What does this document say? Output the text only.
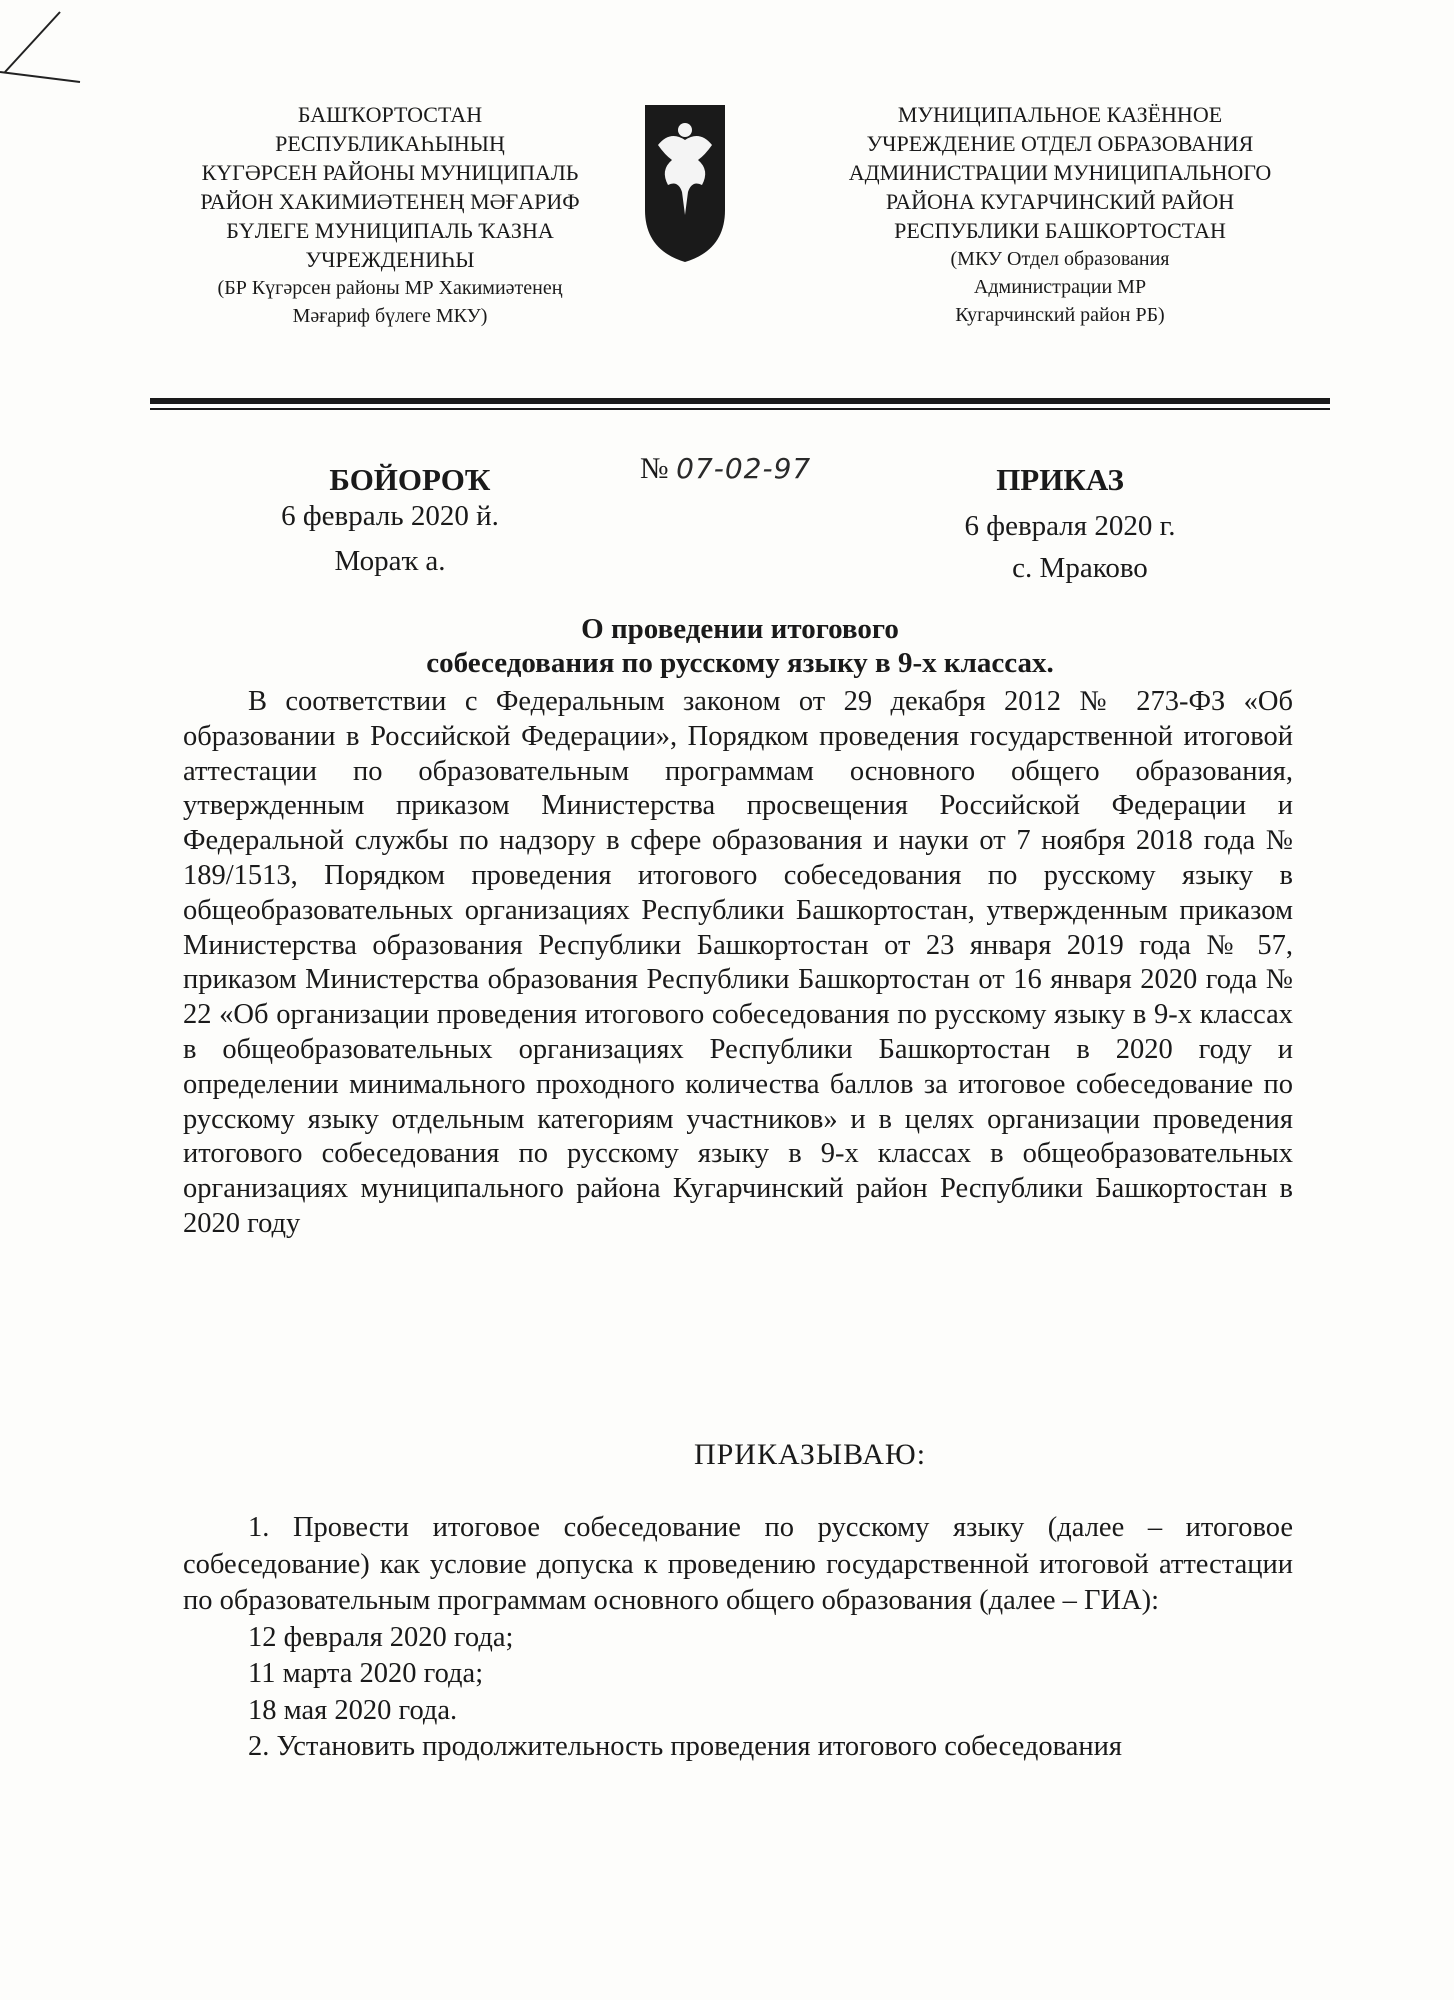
БАШҠОРТОСТАН
РЕСПУБЛИКАҺЫНЫҢ
КҮГӘРСЕН РАЙОНЫ МУНИЦИПАЛЬ
РАЙОН ХАКИМИӘТЕНЕҢ МӘҒАРИФ
БҮЛЕГЕ МУНИЦИПАЛЬ ҠАЗНА
УЧРЕЖДЕНИҺЫ
(БР Күгәрсен районы МР Хакимиәтенең
Мәғариф бүлеге МКУ)
МУНИЦИПАЛЬНОЕ КАЗЁННОЕ
УЧРЕЖДЕНИЕ ОТДЕЛ ОБРАЗОВАНИЯ
АДМИНИСТРАЦИИ МУНИЦИПАЛЬНОГО
РАЙОНА КУГАРЧИНСКИЙ РАЙОН
РЕСПУБЛИКИ БАШКОРТОСТАН
(МКУ Отдел образования
Администрации МР
Кугарчинский район РБ)
БОЙОРОҠ
6 февраль 2020 й.
Мораҡ а.
№ 07-02-97	ПРИКАЗ
6 февраля 2020 г.
с. Мраково
О проведении итогового
собеседования по русскому языку в 9-х классах.

В соответствии с Федеральным законом от 29 декабря 2012 № 273-ФЗ «Об образовании в Российской Федерации», Порядком проведения государственной итоговой аттестации по образовательным программам основного общего образования, утвержденным приказом Министерства просвещения Российской Федерации и Федеральной службы по надзору в сфере образования и науки от 7 ноября 2018 года № 189/1513, Порядком проведения итогового собеседования по русскому языку в общеобразовательных организациях Республики Башкортостан, утвержденным приказом Министерства образования Республики Башкортостан от 23 января 2019 года № 57, приказом Министерства образования Республики Башкортостан от 16 января 2020 года № 22 «Об организации проведения итогового собеседования по русскому языку в 9-х классах в общеобразовательных организациях Республики Башкортостан в 2020 году и определении минимального проходного количества баллов за итоговое собеседование по русскому языку отдельным категориям участников» и в целях организации проведения итогового собеседования по русскому языку в 9-х классах в общеобразовательных организациях муниципального района Кугарчинский район Республики Башкортостан в 2020 году

ПРИКАЗЫВАЮ:

1. Провести итоговое собеседование по русскому языку (далее – итоговое собеседование) как условие допуска к проведению государственной итоговой аттестации по образовательным программам основного общего образования (далее – ГИА):

12 февраля 2020 года;

11 марта 2020 года;

18 мая 2020 года.

2. Установить продолжительность проведения итогового собеседования
